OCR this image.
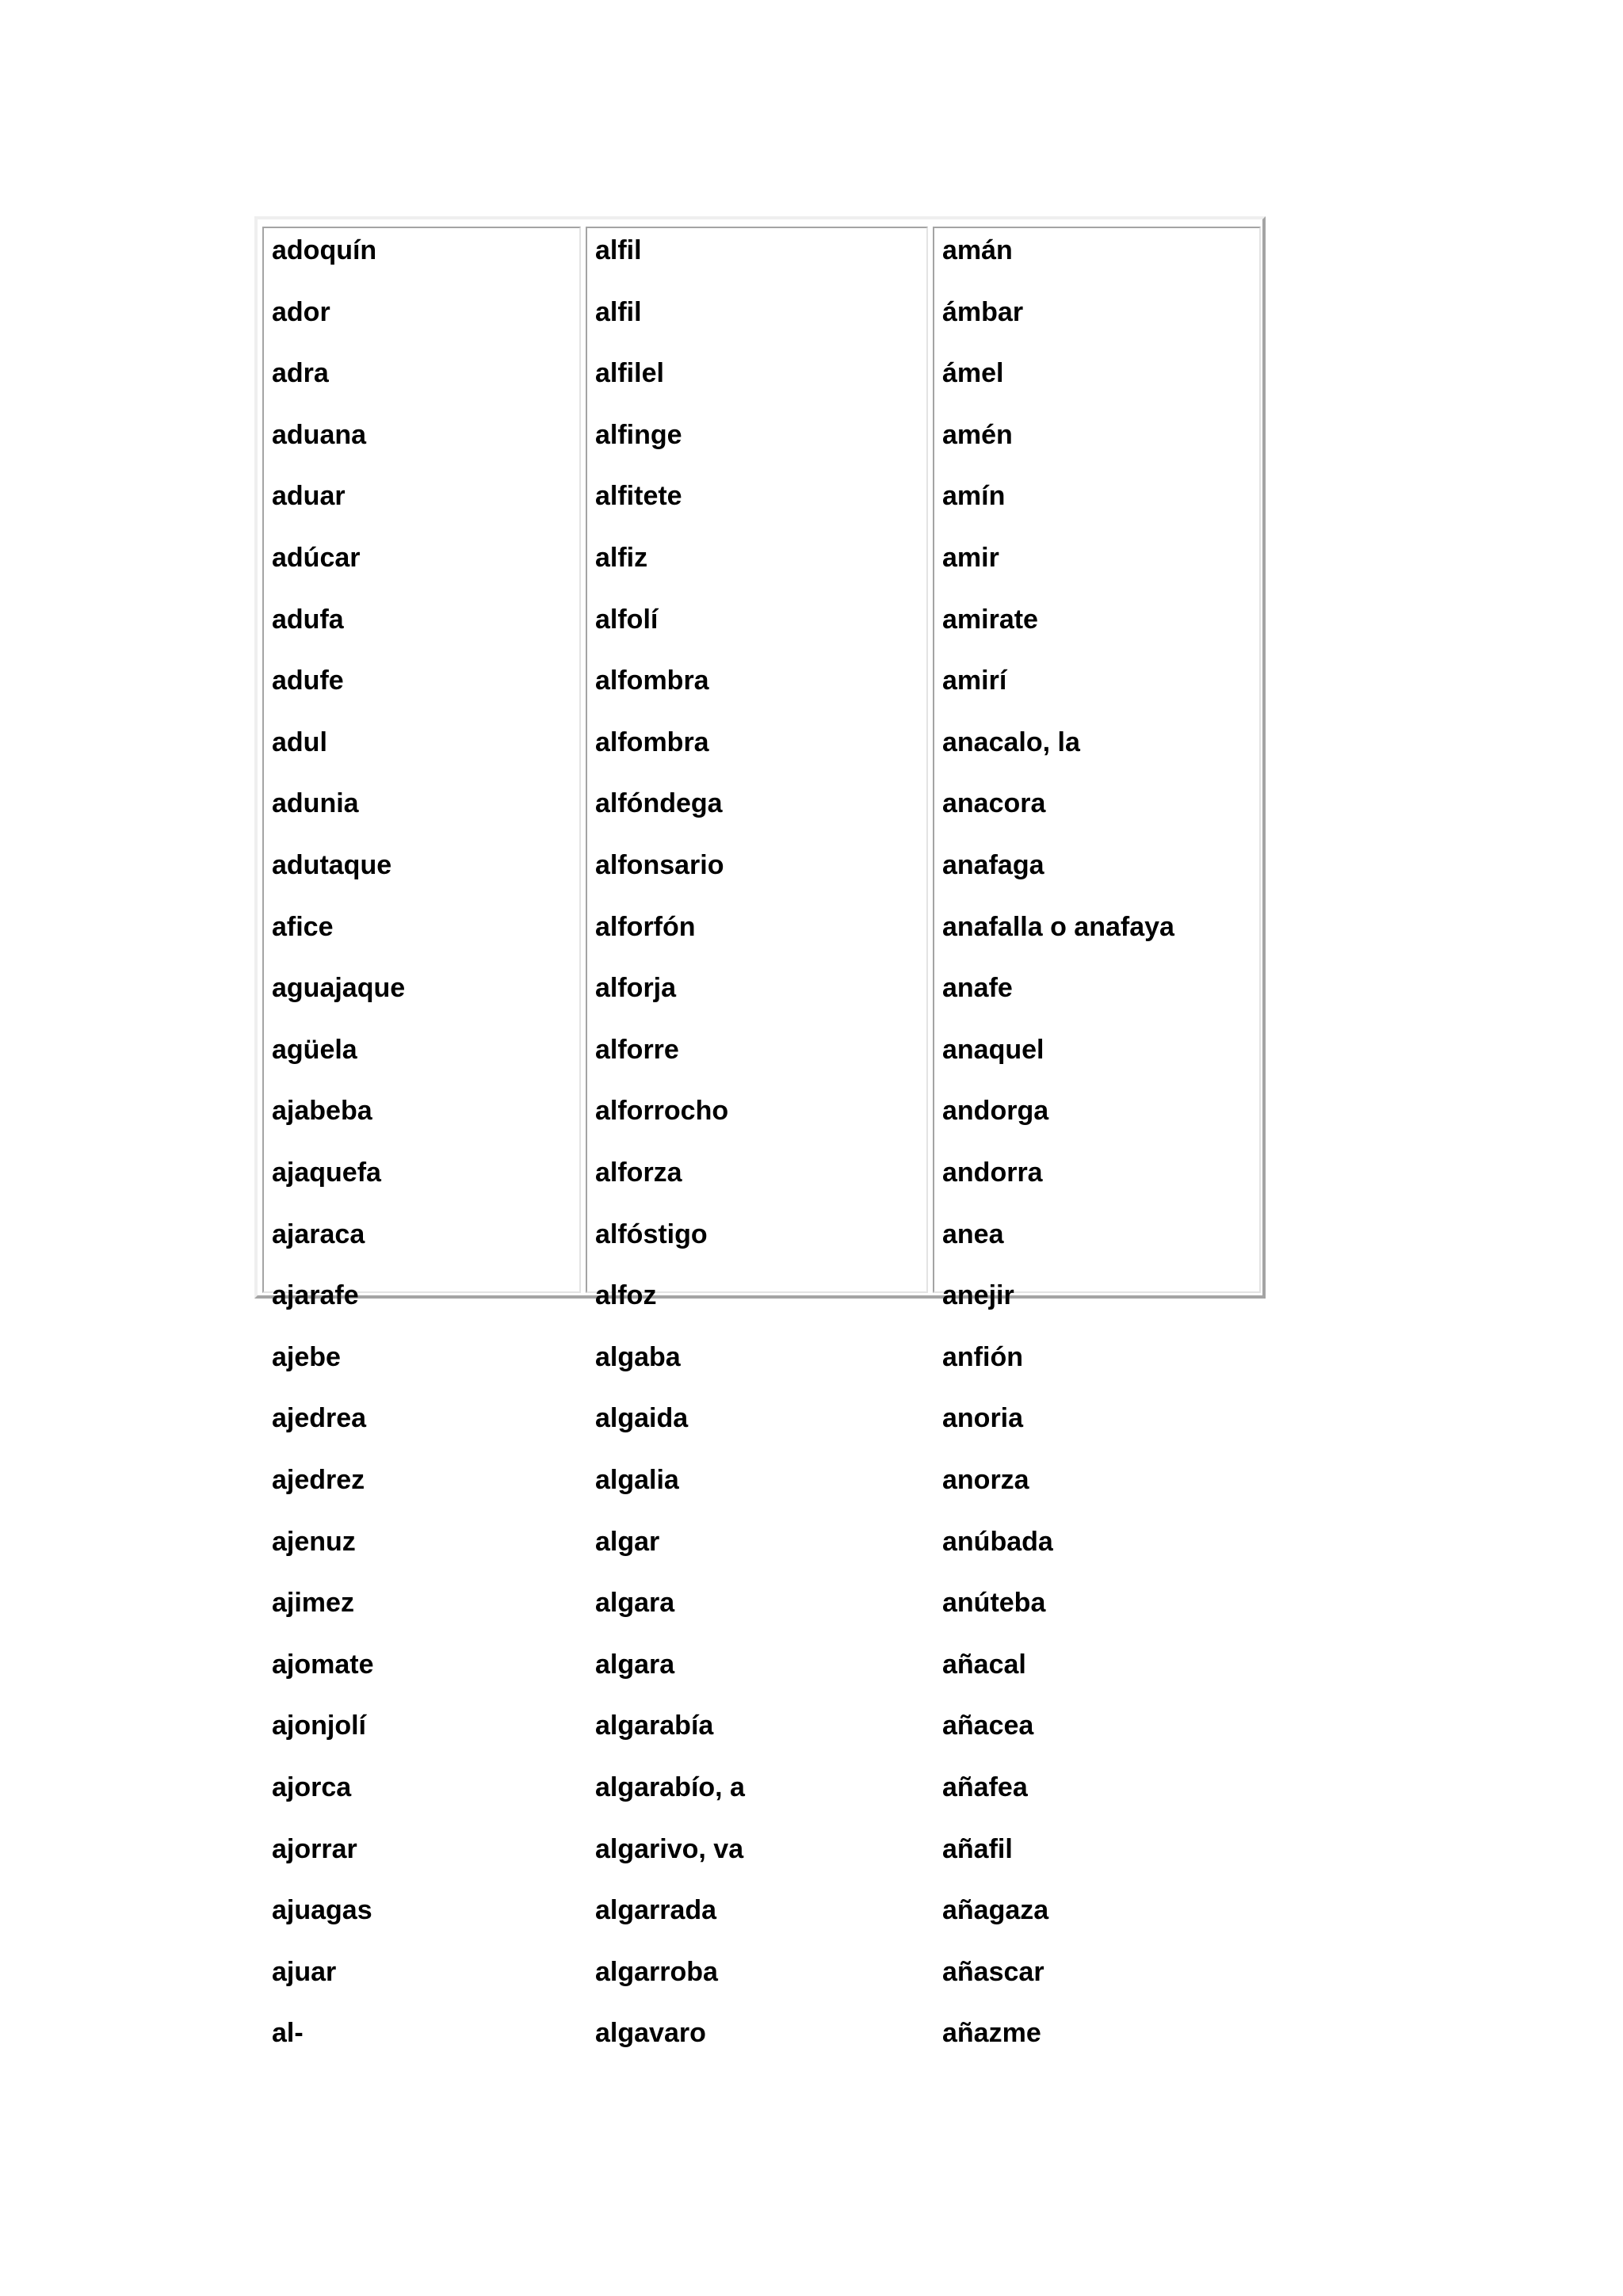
adoquín
ador
adra
aduana
aduar
adúcar
adufa
adufe
adul
adunia
adutaque
afice
aguajaque
agüela
ajabeba
ajaquefa
ajaraca
ajarafe
ajebe
ajedrea
ajedrez
ajenuz
ajimez
ajomate
ajonjolí
ajorca
ajorrar
ajuagas
ajuar
al-
alfil
alfil
alfilel
alfinge
alfitete
alfiz
alfolí
alfombra
alfombra
alfóndega
alfonsario
alforfón
alforja
alforre
alforrocho
alforza
alfóstigo
alfoz
algaba
algaida
algalia
algar
algara
algara
algarabía
algarabío, a
algarivo, va
algarrada
algarroba
algavaro
amán
ámbar
ámel
amén
amín
amir
amirate
amirí
anacalo, la
anacora
anafaga
anafalla o anafaya
anafe
anaquel
andorga
andorra
anea
anejir
anfión
anoria
anorza
anúbada
anúteba
añacal
añacea
añafea
añafil
añagaza
añascar
añazme
